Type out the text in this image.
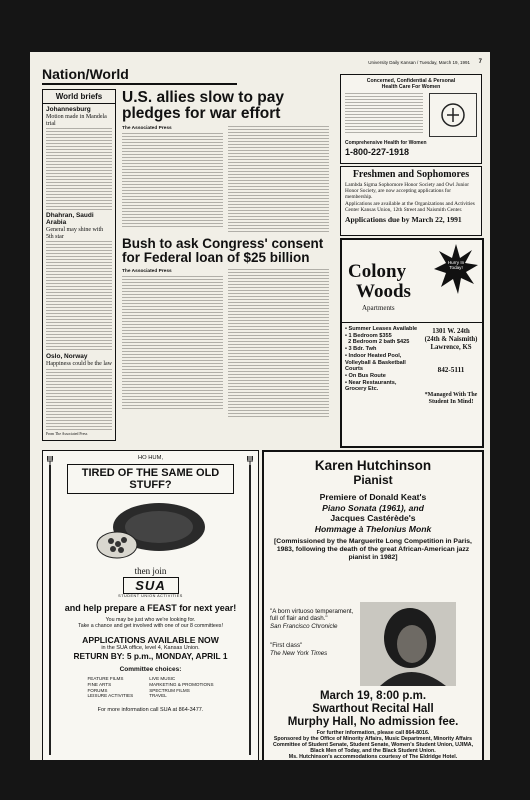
University Daily Kansan / Tuesday, March 19, 1991 7
Nation/World
World briefs
Johannesburg
Motion made in Mandela trial
Dhahran, Saudi Arabia
General may shine with 5th star
Oslo, Norway
Happiness could be the law
From The Associated Press
U.S. allies slow to pay pledges for war effort
The Associated Press
Bush to ask Congress' consent for Federal loan of $25 billion
The Associated Press
Concerned, Confidential & Personal
Health Care For Women
Comprehensive Health for Women
1-800-227-1918
Freshmen and Sophomores
Lambda Sigma Sophomore Honor Society and Owl Junior Honor Society, are now accepting applications for membership.
Applications are available at the Organizations and Activities Center Kansas Union, 12th Street and Naismith Center.
Applications due by March 22, 1991
Colony
Woods
Apartments
Hurry In Today!
• Summer Leases Available
• 1 Bedroom $355
2 Bedroom 2 bath $425
• 3 Bdr. Twh
• Indoor Heated Pool, Volleyball & Basketball Courts
• On Bus Route
• Near Restaurants, Grocery Etc.
1301 W. 24th (24th & Naismith) Lawrence, KS
842-5111
*Managed With The Student In Mind!
HO HUM,
TIRED OF THE SAME OLD STUFF?
then join
SUA
STUDENT UNION ACTIVITIES
and help prepare a FEAST for next year!
You may be just who we're looking for.
Take a chance and get involved with one of our 8 committees!
APPLICATIONS AVAILABLE NOW
in the SUA office, level 4, Kansas Union.
RETURN BY: 5 p.m., MONDAY, APRIL 1
Committee choices:
FEATURE FILMS
FINE ARTS
FORUMS
LEISURE ACTIVITIES
LIVE MUSIC
MARKETING & PROMOTIONS
SPECTRUM FILMS
TRAVEL
For more information call SUA at 864-3477.
Karen Hutchinson
Pianist
Premiere of Donald Keat's
Piano Sonata (1961), and
Jacques Castérède's
Hommage à Thelonius Monk
[Commissioned by the Marguerite Long Competition in Paris, 1983, following the death of the great African-American jazz pianist in 1982]
"A born virtuoso temperament, full of flair and dash."
San Francisco Chronicle
"First class"
The New York Times
March 19, 8:00 p.m.
Swarthout Recital Hall
Murphy Hall, No admission fee.
For further information, please call 864-8016.
Sponsored by the Office of Minority Affairs, Music Department, Minority Affairs Committee of Student Senate, Student Senate, Women's Student Union, UJIMA, Black Men of Today, and the Black Student Union.
Ms. Hutchinson's accommodations courtesy of The Eldridge Hotel.
